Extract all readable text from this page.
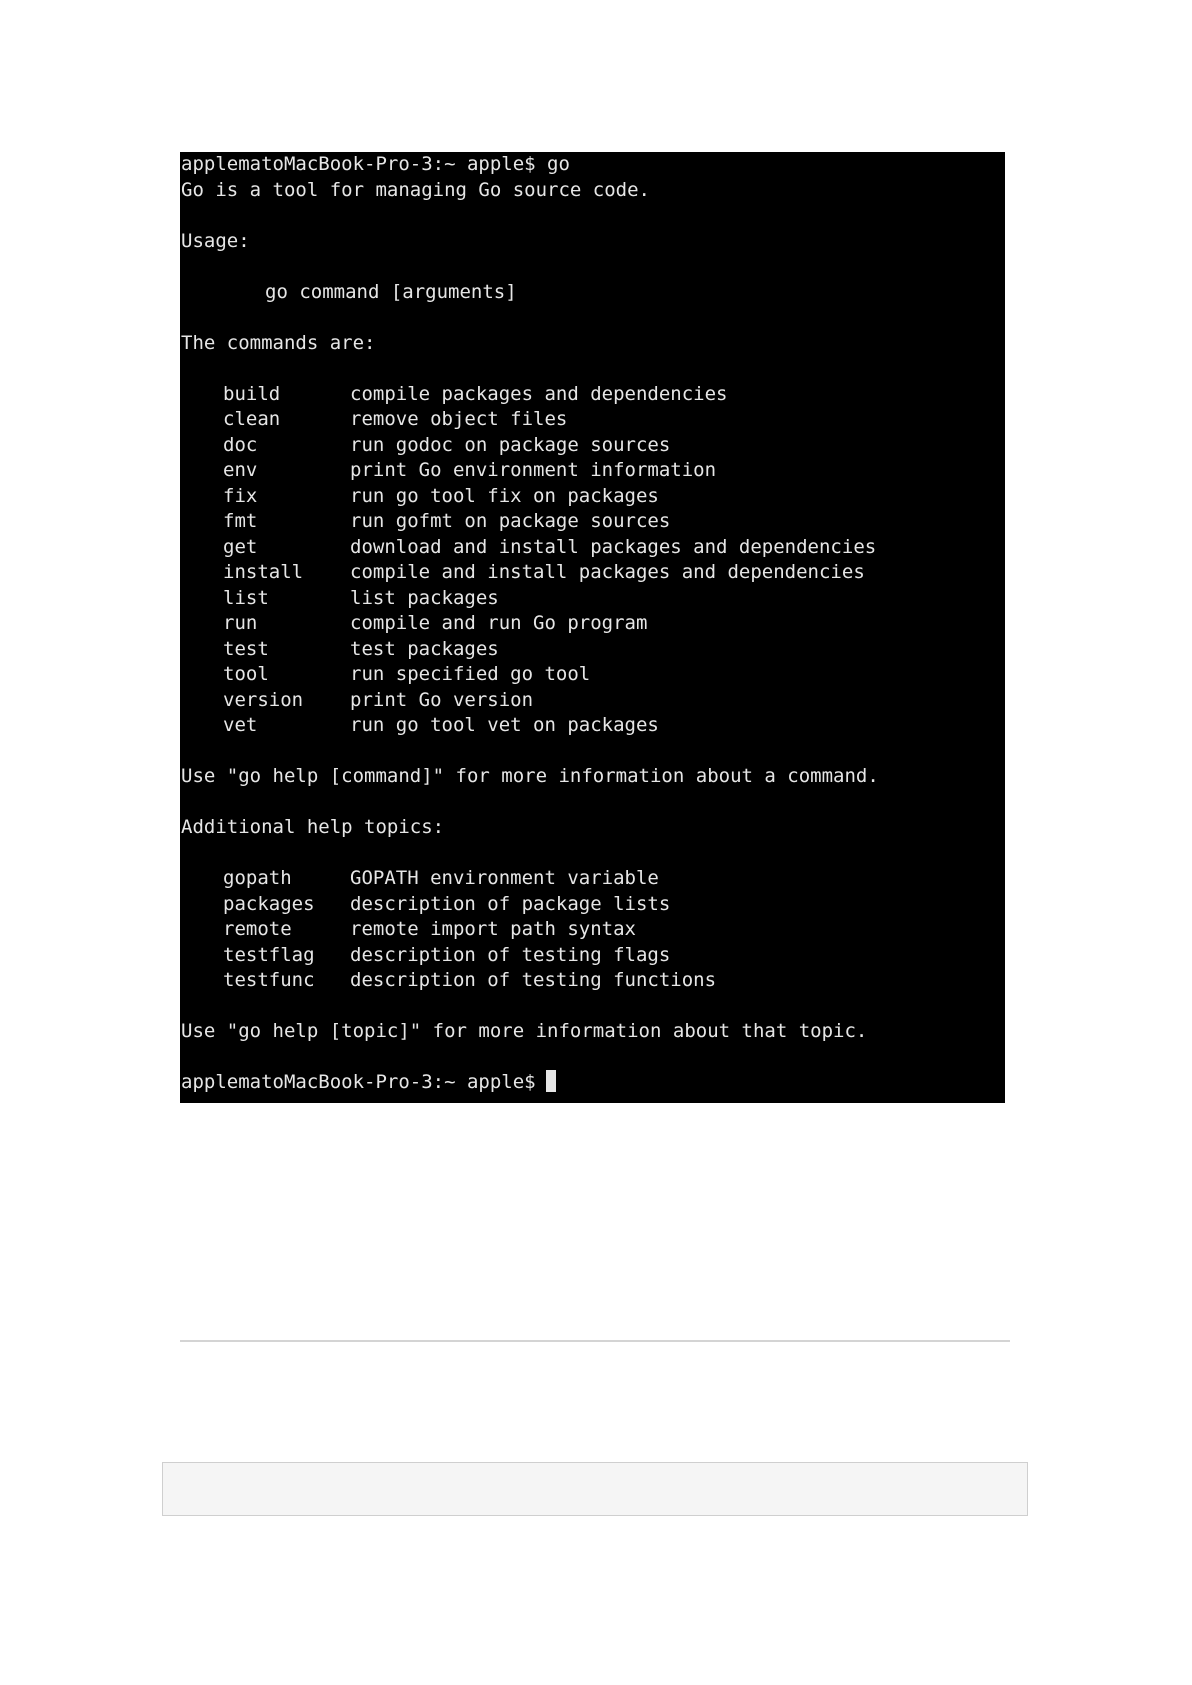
applematoMacBook-Pro-3:~ apple$ go
Go is a tool for managing Go source code.
Usage:
go command [arguments]
The commands are:
build	compile packages and dependencies
clean	remove object files
doc	run godoc on package sources
env	print Go environment information
fix	run go tool fix on packages
fmt	run gofmt on package sources
get	download and install packages and dependencies
install	compile and install packages and dependencies
list	list packages
run	compile and run Go program
test	test packages
tool	run specified go tool
version	print Go version
vet	run go tool vet on packages
Use "go help [command]" for more information about a command.
Additional help topics:
gopath	GOPATH environment variable
packages	description of package lists
remote	remote import path syntax
testflag	description of testing flags
testfunc	description of testing functions
Use "go help [topic]" for more information about that topic.
applematoMacBook-Pro-3:~ apple$
